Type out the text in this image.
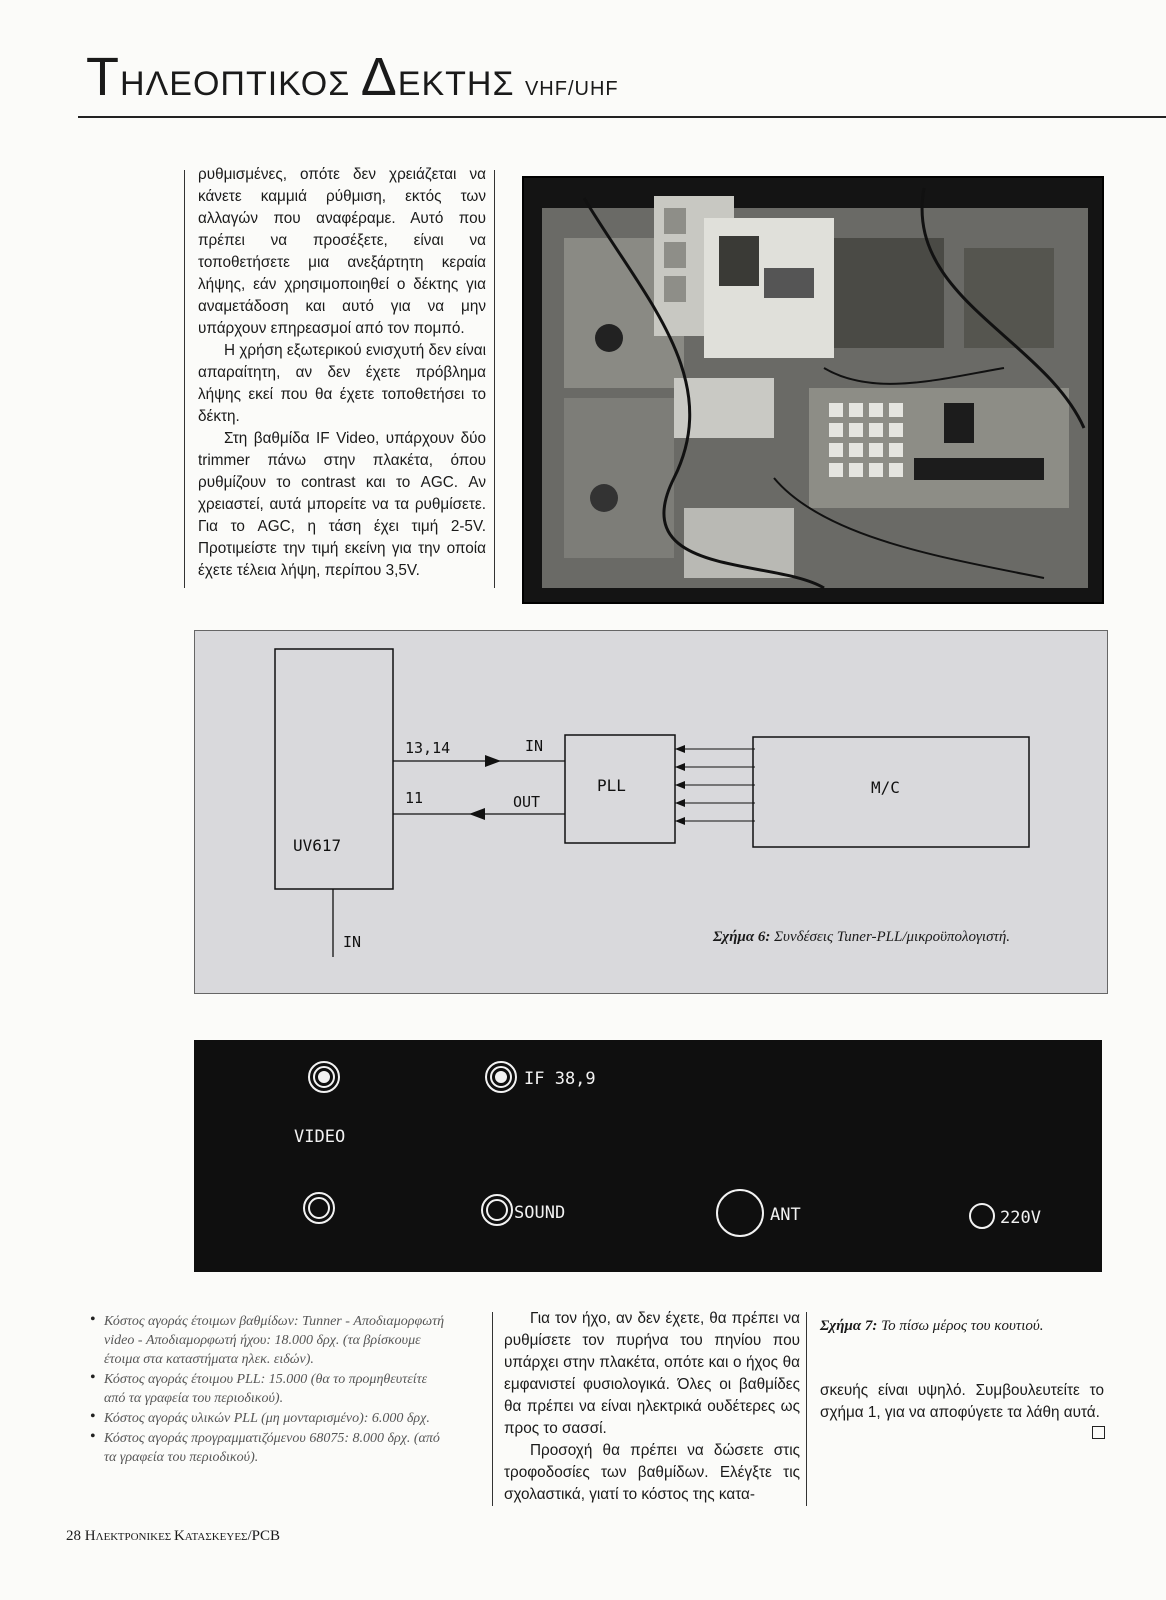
ΤΗΛΕΟΠΤΙΚΟΣ ΔΕΚΤΗΣ VHF/UHF

ρυθμισμένες, οπότε δεν χρειάζεται να κάνετε καμμιά ρύθμιση, εκτός των αλλαγών που αναφέραμε. Αυτό που πρέπει να προσέξετε, είναι να τοποθετήσετε μια ανεξάρτητη κεραία λήψης, εάν χρησιμοποιηθεί ο δέκτης για αναμετάδοση και αυτό για να μην υπάρχουν επηρεασμοί από τον πομπό.

Η χρήση εξωτερικού ενισχυτή δεν είναι απαραίτητη, αν δεν έχετε πρόβλημα λήψης εκεί που θα έχετε τοποθετήσει το δέκτη.

Στη βαθμίδα IF Video, υπάρχουν δύο trimmer πάνω στην πλακέτα, όπου ρυθμίζουν το contrast και το AGC. Αν χρειαστεί, αυτά μπορείτε να τα ρυθμίσετε. Για το AGC, η τάση έχει τιμή 2-5V. Προτιμείστε την τιμή εκείνη για την οποία έχετε τέλεια λήψη, περίπου 3,5V.

UV617
13,14	IN
11	OUT
PLL	M/C
IN	Σχήμα 6: Συνδέσεις Tuner-PLL/μικροϋπολογιστή.
IF 38,9
VIDEO
SOUND	ANT	220V
• Κόστος αγοράς έτοιμων βαθμίδων: Tunner - Αποδιαμορφωτή video - Αποδιαμορφωτή ήχου: 18.000 δρχ. (τα βρίσκουμε έτοιμα στα καταστήματα ηλεκ. ειδών).
• Κόστος αγοράς έτοιμου PLL: 15.000 (θα το προμηθευτείτε από τα γραφεία του περιοδικού).
• Κόστος αγοράς υλικών PLL (μη μονταρισμένο): 6.000 δρχ.
• Κόστος αγοράς προγραμματιζόμενου 68075: 8.000 δρχ. (από τα γραφεία του περιοδικού).

Για τον ήχο, αν δεν έχετε, θα πρέπει να ρυθμίσετε τον πυρήνα του πηνίου που υπάρχει στην πλακέτα, οπότε και ο ήχος θα εμφανιστεί φυσιολογικά. Όλες οι βαθμίδες θα πρέπει να είναι ηλεκτρικά ουδέτερες ως προς το σασσί.

Προσοχή θα πρέπει να δώσετε στις τροφοδοσίες των βαθμίδων. Ελέγξτε τις σχολαστικά, γιατί το κόστος της κατα-

Σχήμα 7: Το πίσω μέρος του κουτιού.

σκευής είναι υψηλό. Συμβουλευτείτε το σχήμα 1, για να αποφύγετε τα λάθη αυτά.

28 ΗΛΕΚΤΡΟΝΙΚΕΣ ΚΑΤΑΣΚΕΥΕΣ/PCB
